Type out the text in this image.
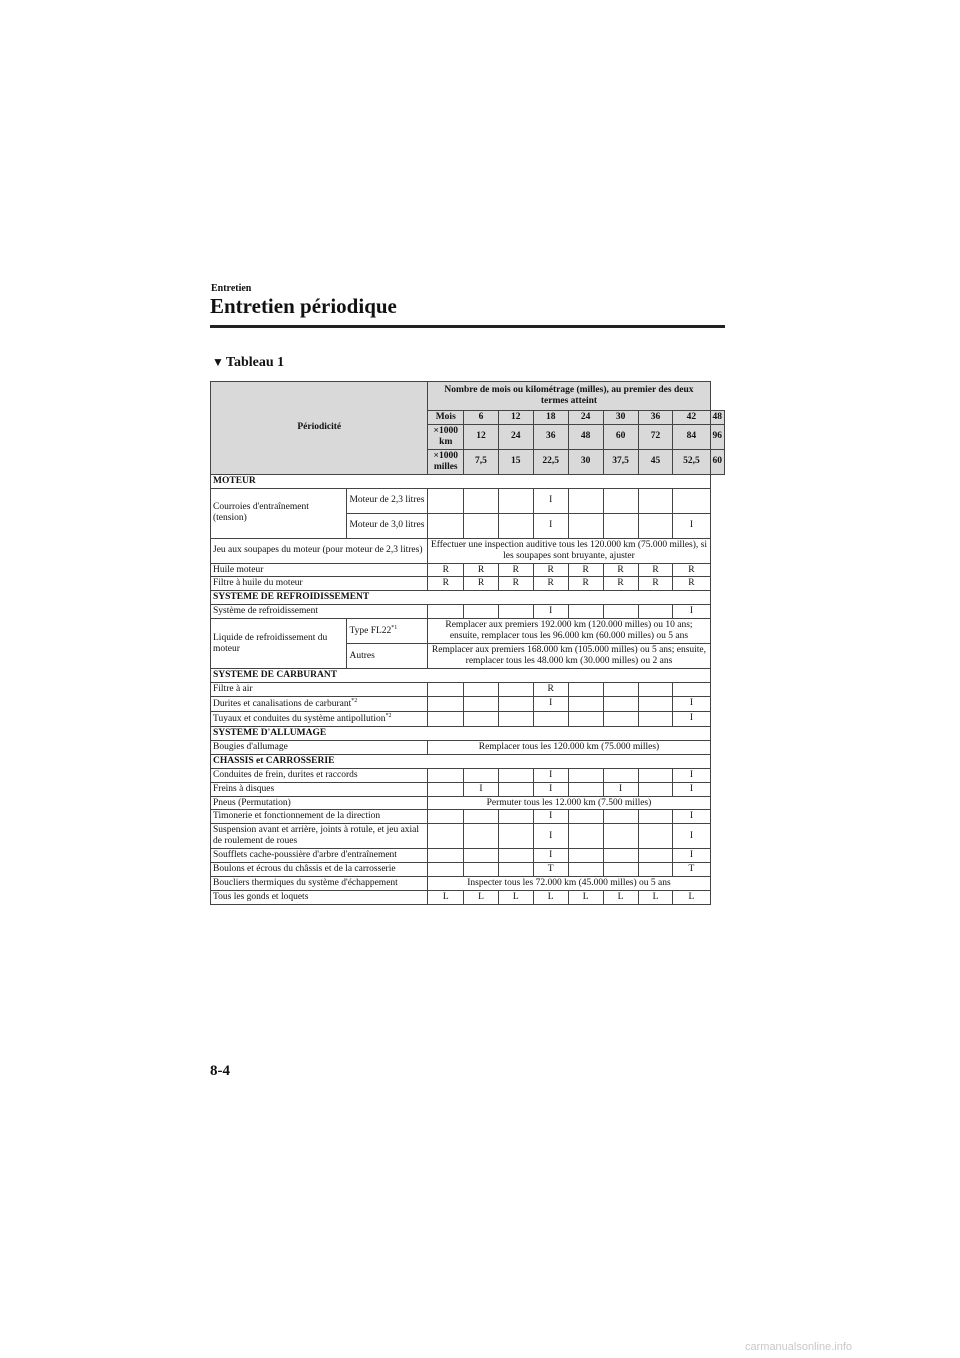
Entretien
Entretien périodique
▼ Tableau 1
Périodicité		Nombre de mois ou kilométrage (milles), au premier des deux termes atteint								
		Mois	6	12	18	24	30	36	42	48
		×1000 km	12	24	36	48	60	72	84	96
		×1000 milles	7,5	15	22,5	30	37,5	45	52,5	60
MOTEUR										
Courroies d'entraînement (tension)	Moteur de 2,3 litres				I					
	Moteur de 3,0 litres				I				I	
Jeu aux soupapes du moteur (pour moteur de 2,3 litres)		Effectuer une inspection auditive tous les 120.000 km (75.000 milles), si les soupapes sont bruyante, ajuster								
Huile moteur		R	R	R	R	R	R	R	R	
Filtre à huile du moteur		R	R	R	R	R	R	R	R	
SYSTEME DE REFROIDISSEMENT										
Système de refroidissement					I				I	
Liquide de refroidissement du moteur	Type FL22$^{*1}$	Remplacer aux premiers 192.000 km (120.000 milles) ou 10 ans; ensuite, remplacer tous les 96.000 km (60.000 milles) ou 5 ans								
	Autres	Remplacer aux premiers 168.000 km (105.000 milles) ou 5 ans; ensuite, remplacer tous les 48.000 km (30.000 milles) ou 2 ans								
SYSTEME DE CARBURANT										
Filtre à air					R					
Durites et canalisations de carburant$^{*2}$					I				I	
Tuyaux et conduites du système antipollution$^{*2}$									I	
SYSTEME D'ALLUMAGE										
Bougies d'allumage		Remplacer tous les 120.000 km (75.000 milles)								
CHASSIS et CARROSSERIE										
Conduites de frein, durites et raccords					I				I	
Freins à disques			I		I		I		I	
Pneus (Permutation)		Permuter tous les 12.000 km (7.500 milles)								
Timonerie et fonctionnement de la direction					I				I	
Suspension avant et arrière, joints à rotule, et jeu axial de roulement de roues					I				I	
Soufflets cache-poussière d'arbre d'entraînement					I				I	
Boulons et écrous du châssis et de la carrosserie					T				T	
Boucliers thermiques du système d'échappement		Inspecter tous les 72.000 km (45.000 milles) ou 5 ans								
Tous les gonds et loquets		L	L	L	L	L	L	L	L	
8-4
carmanualsonline.info
